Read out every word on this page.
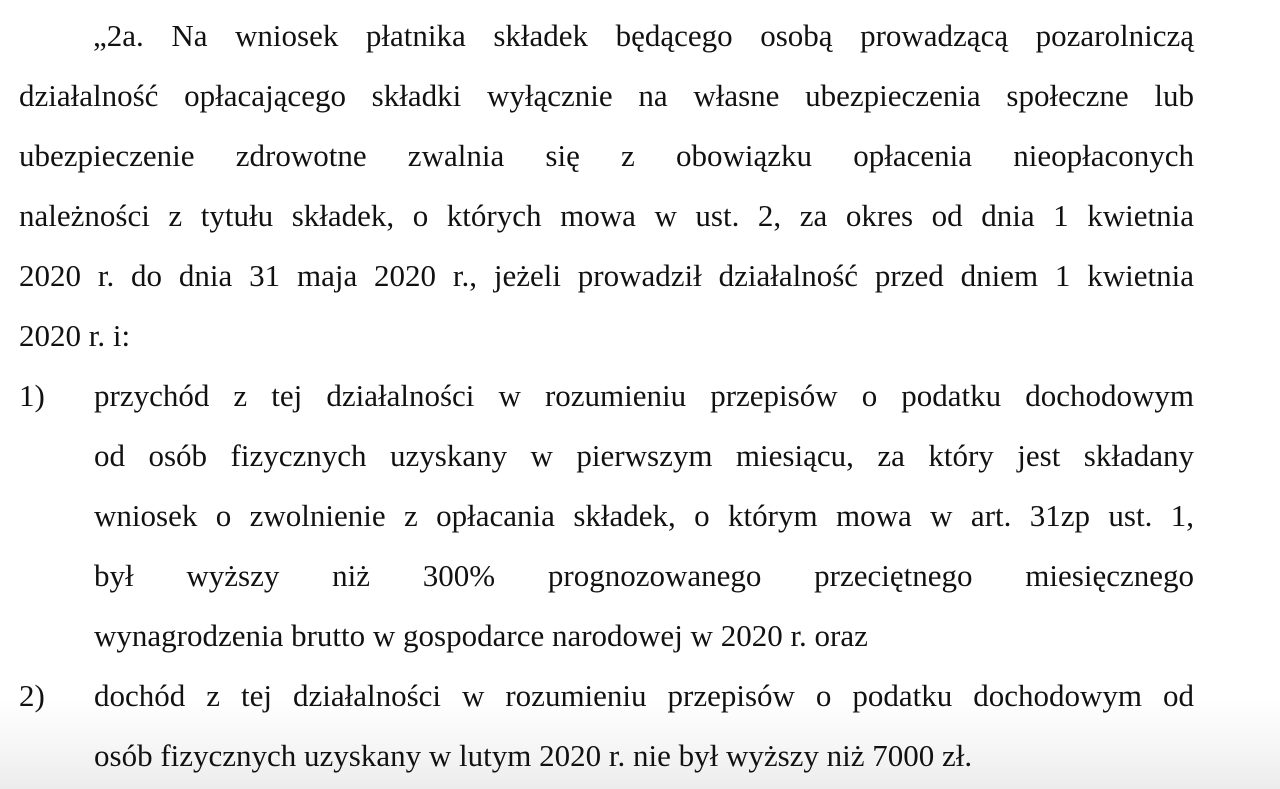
„2a. Na wniosek płatnika składek będącego osobą prowadzącą pozarolniczą
działalność opłacającego składki wyłącznie na własne ubezpieczenia społeczne lub
ubezpieczenie zdrowotne zwalnia się z obowiązku opłacenia nieopłaconych
należności z tytułu składek, o których mowa w ust. 2, za okres od dnia 1 kwietnia
2020 r. do dnia 31 maja 2020 r., jeżeli prowadził działalność przed dniem 1 kwietnia
2020 r. i:
1) przychód z tej działalności w rozumieniu przepisów o podatku dochodowym
od osób fizycznych uzyskany w pierwszym miesiącu, za który jest składany
wniosek o zwolnienie z opłacania składek, o którym mowa w art. 31zp ust. 1,
był wyższy niż 300% prognozowanego przeciętnego miesięcznego
wynagrodzenia brutto w gospodarce narodowej w 2020 r. oraz
2) dochód z tej działalności w rozumieniu przepisów o podatku dochodowym od
osób fizycznych uzyskany w lutym 2020 r. nie był wyższy niż 7000 zł.
